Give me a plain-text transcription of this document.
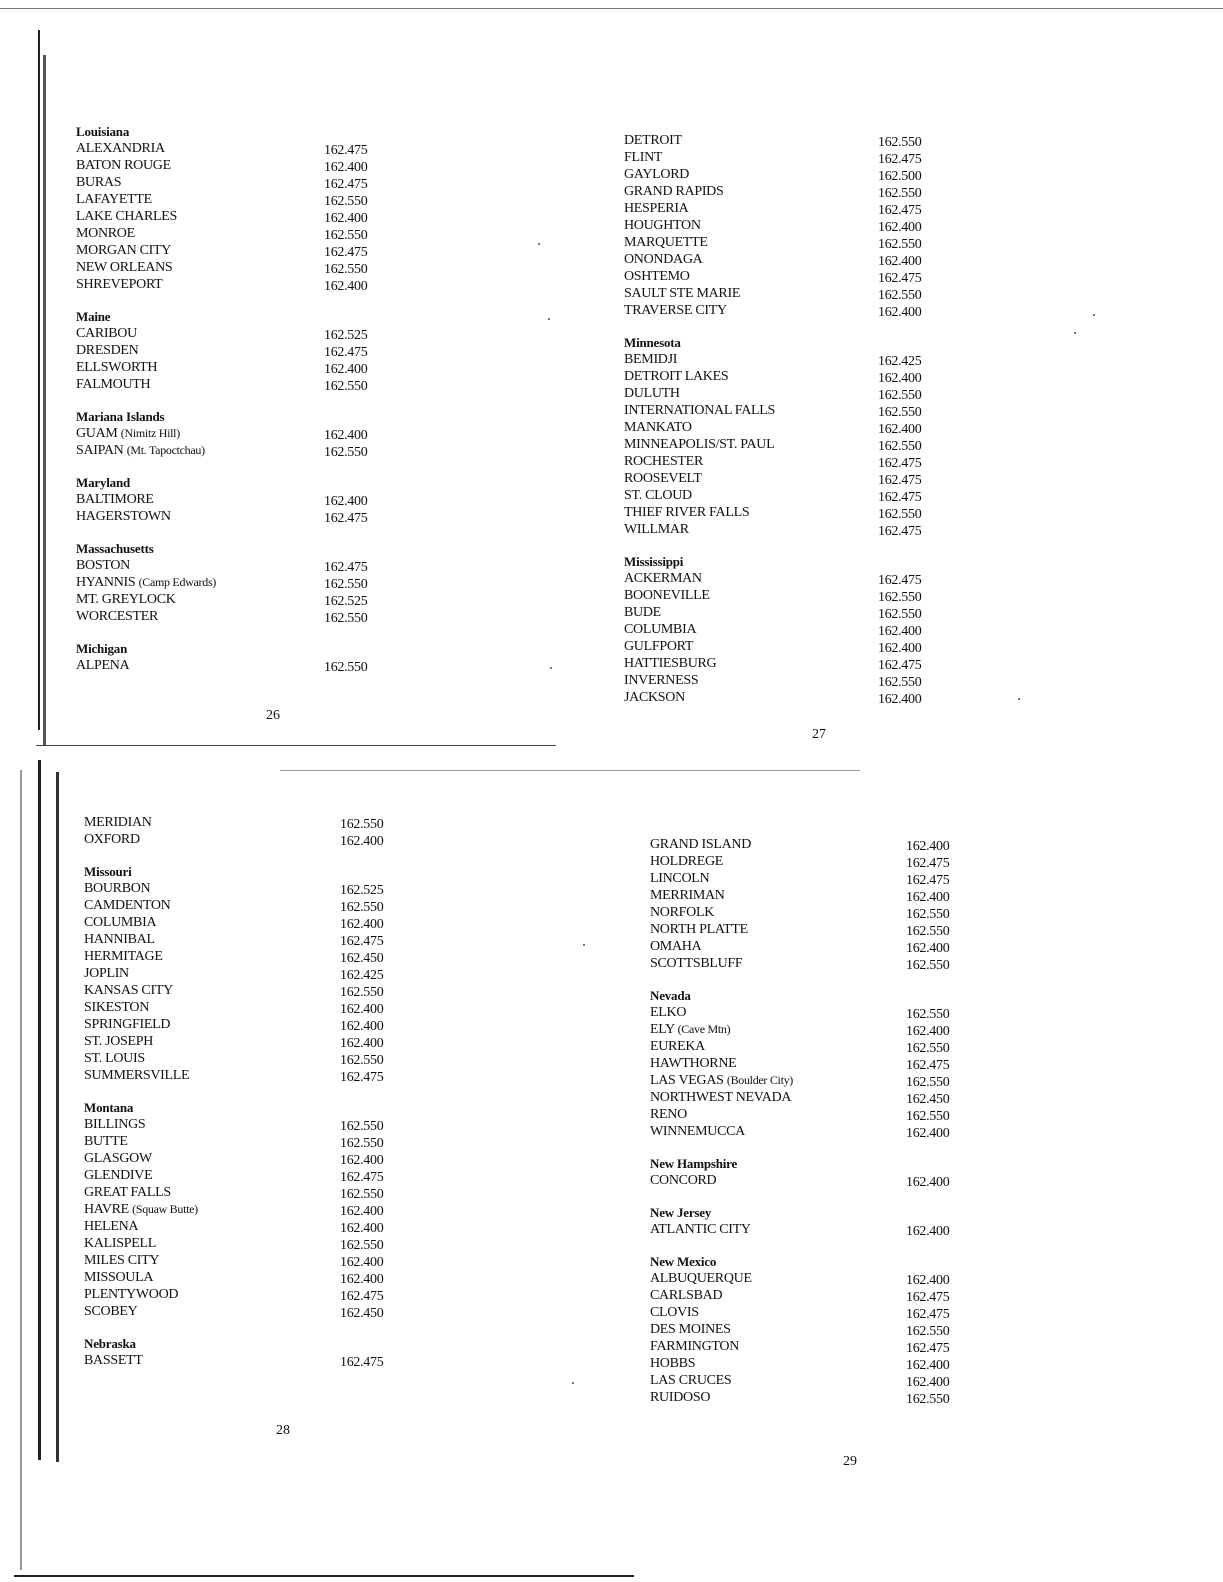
Louisiana
ALEXANDRIA	162.475
BATON ROUGE	162.400
BURAS	162.475
LAFAYETTE	162.550
LAKE CHARLES	162.400
MONROE	162.550
MORGAN CITY	162.475
NEW ORLEANS	162.550
SHREVEPORT	162.400
Maine
CARIBOU	162.525
DRESDEN	162.475
ELLSWORTH	162.400
FALMOUTH	162.550
Mariana Islands
GUAM (Nimitz Hill)	162.400
SAIPAN (Mt. Tapoctchau)	162.550
Maryland
BALTIMORE	162.400
HAGERSTOWN	162.475
Massachusetts
BOSTON	162.475
HYANNIS (Camp Edwards)	162.550
MT. GREYLOCK	162.525
WORCESTER	162.550
Michigan
ALPENA	162.550
26
DETROIT	162.550
FLINT	162.475
GAYLORD	162.500
GRAND RAPIDS	162.550
HESPERIA	162.475
HOUGHTON	162.400
MARQUETTE	162.550
ONONDAGA	162.400
OSHTEMO	162.475
SAULT STE MARIE	162.550
TRAVERSE CITY	162.400
Minnesota
BEMIDJI	162.425
DETROIT LAKES	162.400
DULUTH	162.550
INTERNATIONAL FALLS	162.550
MANKATO	162.400
MINNEAPOLIS/ST. PAUL	162.550
ROCHESTER	162.475
ROOSEVELT	162.475
ST. CLOUD	162.475
THIEF RIVER FALLS	162.550
WILLMAR	162.475
Mississippi
ACKERMAN	162.475
BOONEVILLE	162.550
BUDE	162.550
COLUMBIA	162.400
GULFPORT	162.400
HATTIESBURG	162.475
INVERNESS	162.550
JACKSON	162.400
27
MERIDIAN	162.550
OXFORD	162.400
Missouri
BOURBON	162.525
CAMDENTON	162.550
COLUMBIA	162.400
HANNIBAL	162.475
HERMITAGE	162.450
JOPLIN	162.425
KANSAS CITY	162.550
SIKESTON	162.400
SPRINGFIELD	162.400
ST. JOSEPH	162.400
ST. LOUIS	162.550
SUMMERSVILLE	162.475
Montana
BILLINGS	162.550
BUTTE	162.550
GLASGOW	162.400
GLENDIVE	162.475
GREAT FALLS	162.550
HAVRE (Squaw Butte)	162.400
HELENA	162.400
KALISPELL	162.550
MILES CITY	162.400
MISSOULA	162.400
PLENTYWOOD	162.475
SCOBEY	162.450
Nebraska
BASSETT	162.475
28
GRAND ISLAND	162.400
HOLDREGE	162.475
LINCOLN	162.475
MERRIMAN	162.400
NORFOLK	162.550
NORTH PLATTE	162.550
OMAHA	162.400
SCOTTSBLUFF	162.550
Nevada
ELKO	162.550
ELY (Cave Mtn)	162.400
EUREKA	162.550
HAWTHORNE	162.475
LAS VEGAS (Boulder City)	162.550
NORTHWEST NEVADA	162.450
RENO	162.550
WINNEMUCCA	162.400
New Hampshire
CONCORD	162.400
New Jersey
ATLANTIC CITY	162.400
New Mexico
ALBUQUERQUE	162.400
CARLSBAD	162.475
CLOVIS	162.475
DES MOINES	162.550
FARMINGTON	162.475
HOBBS	162.400
LAS CRUCES	162.400
RUIDOSO	162.550
29
